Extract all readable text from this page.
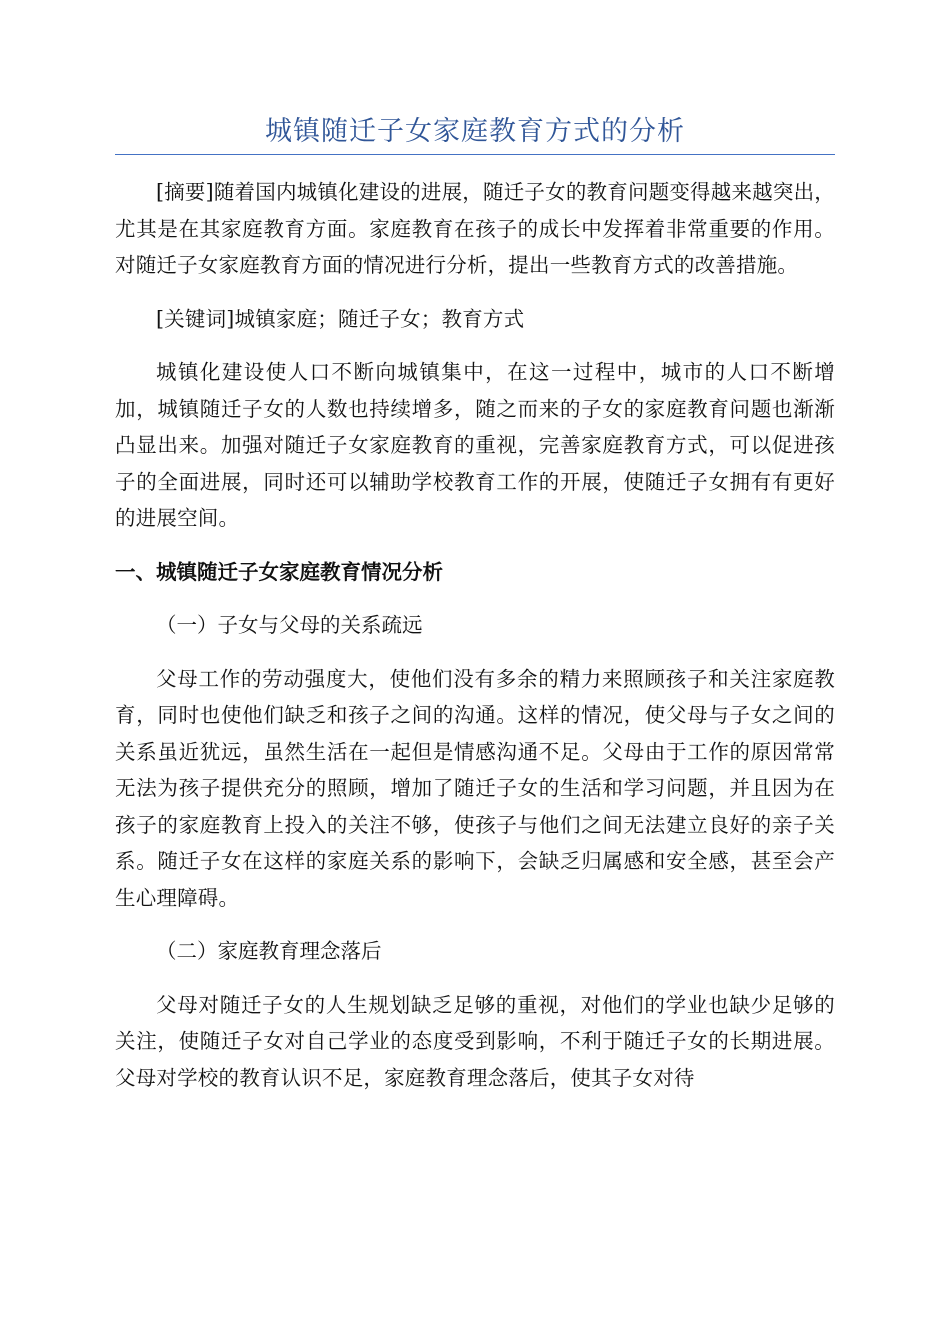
城镇随迁子女家庭教育方式的分析

[摘要]随着国内城镇化建设的进展，随迁子女的教育问题变得越来越突出，尤其是在其家庭教育方面。家庭教育在孩子的成长中发挥着非常重要的作用。对随迁子女家庭教育方面的情况进行分析，提出一些教育方式的改善措施。

[关键词]城镇家庭；随迁子女；教育方式

城镇化建设使人口不断向城镇集中，在这一过程中，城市的人口不断增加，城镇随迁子女的人数也持续增多，随之而来的子女的家庭教育问题也渐渐凸显出来。加强对随迁子女家庭教育的重视，完善家庭教育方式，可以促进孩子的全面进展，同时还可以辅助学校教育工作的开展，使随迁子女拥有有更好的进展空间。

一、城镇随迁子女家庭教育情况分析

（一）子女与父母的关系疏远

父母工作的劳动强度大，使他们没有多余的精力来照顾孩子和关注家庭教育，同时也使他们缺乏和孩子之间的沟通。这样的情况，使父母与子女之间的关系虽近犹远，虽然生活在一起但是情感沟通不足。父母由于工作的原因常常无法为孩子提供充分的照顾，增加了随迁子女的生活和学习问题，并且因为在孩子的家庭教育上投入的关注不够，使孩子与他们之间无法建立良好的亲子关系。随迁子女在这样的家庭关系的影响下，会缺乏归属感和安全感，甚至会产生心理障碍。

（二）家庭教育理念落后

父母对随迁子女的人生规划缺乏足够的重视，对他们的学业也缺少足够的关注，使随迁子女对自己学业的态度受到影响，不利于随迁子女的长期进展。父母对学校的教育认识不足，家庭教育理念落后，使其子女对待
